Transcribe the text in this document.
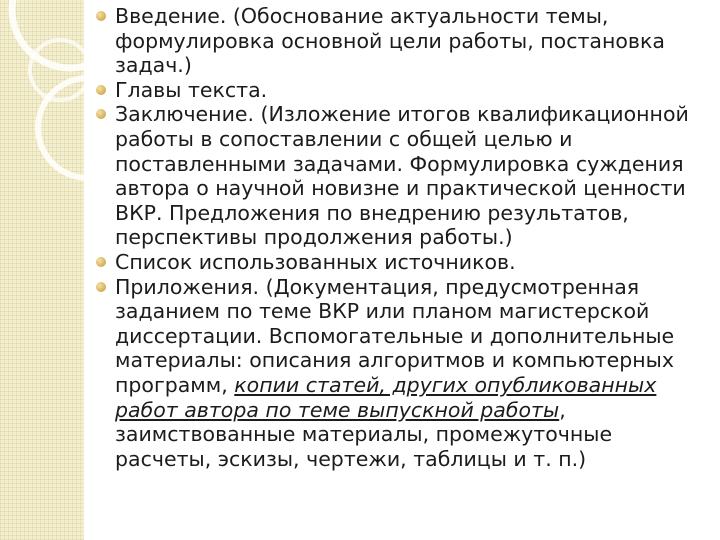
Введение. (Обоснование актуальности темы, формулировка основной цели работы, постановка задач.)
Главы текста.
Заключение. (Изложение итогов квалификационной работы в сопоставлении с общей целью и поставленными задачами. Формулировка суждения автора о научной новизне и практической ценности ВКР. Предложения по внедрению результатов, перспективы продолжения работы.)
Список использованных источников.
Приложения. (Документация, предусмотренная заданием по теме ВКР или планом магистерской диссертации. Вспомогательные и дополнительные материалы: описания алгоритмов и компьютерных программ, копии статей, других опубликованных работ автора по теме выпускной работы, заимствованные материалы, промежуточные расчеты, эскизы, чертежи, таблицы и т. п.)
